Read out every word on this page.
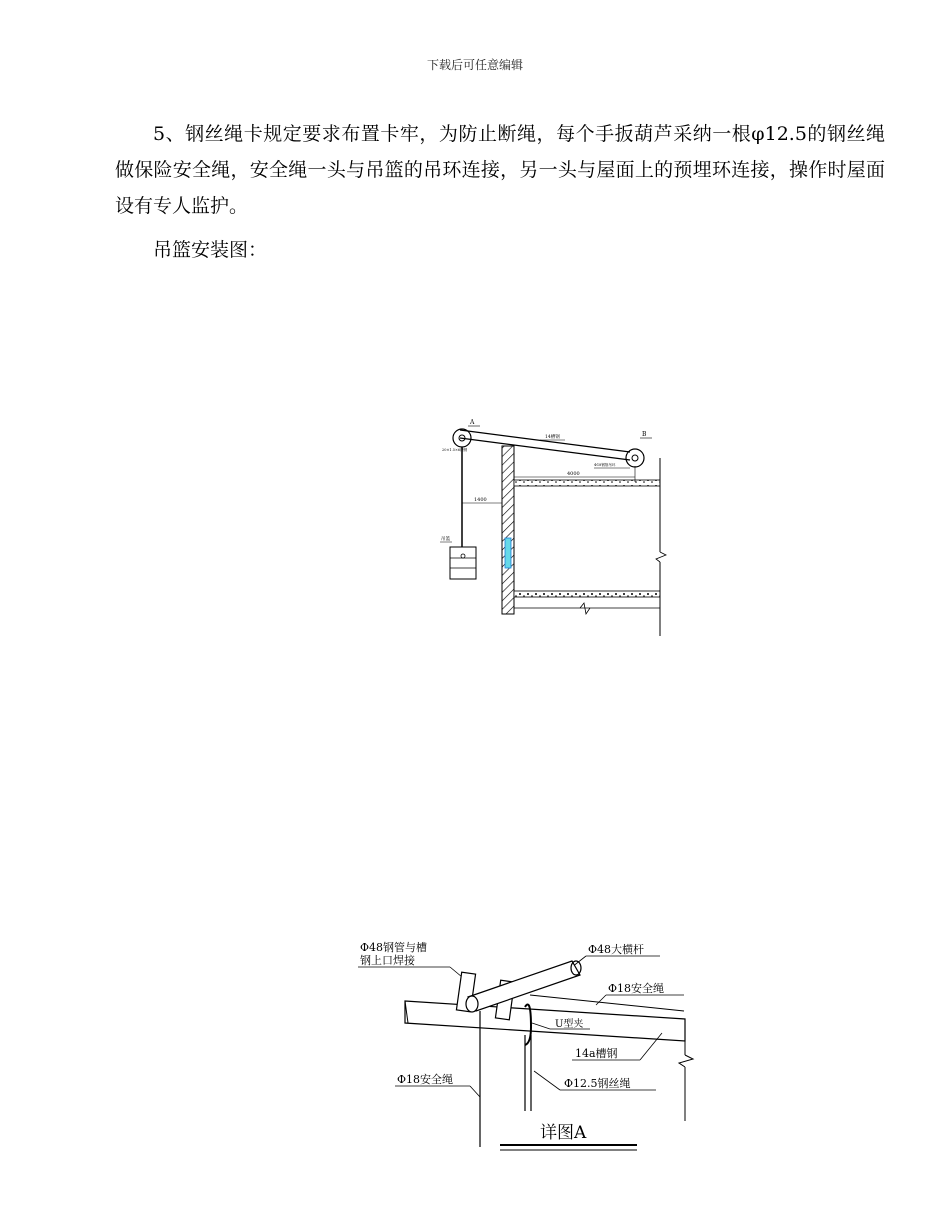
下载后可任意编辑
5、钢丝绳卡规定要求布置卡牢，为防止断绳，每个手扳葫芦采纳一根φ12.5的钢丝绳做保险安全绳，安全绳一头与吊篮的吊环连接，另一头与屋面上的预埋环连接，操作时屋面设有专人监护。
吊篮安装图：
A
B
14槽钢
20×1.5×6槽钢
Φ18钢筋吊环
4000
1400
吊篮
Φ48钢管与槽
钢上口焊接
Φ48大横杆
U型夹
Φ18安全绳
14a槽钢
Φ18安全绳	Φ12.5钢丝绳
详图A
